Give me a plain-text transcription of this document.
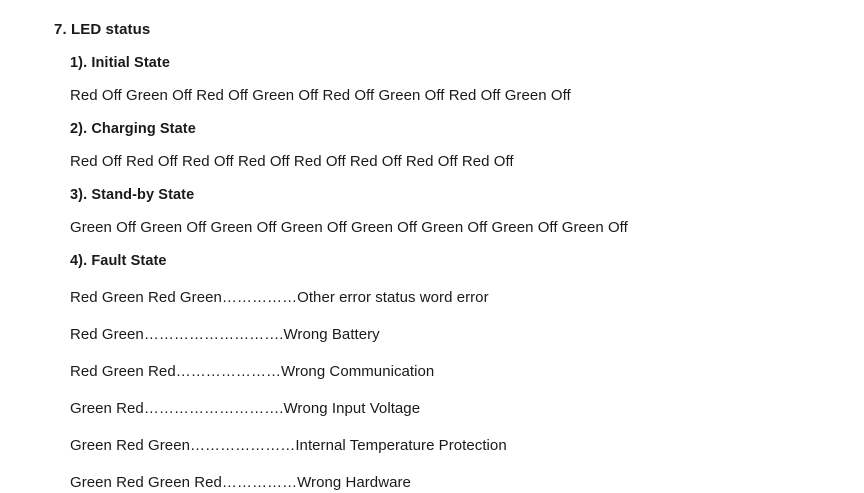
7. LED status
1). Initial State
Red Off Green Off Red Off Green Off Red Off Green Off Red Off Green Off
2). Charging State
Red Off Red Off Red Off Red Off Red Off Red Off Red Off Red Off
3). Stand-by State
Green Off Green Off Green Off Green Off Green Off Green Off Green Off Green Off
4). Fault State
Red Green Red Green……………Other error status word error
Red Green……………………….Wrong Battery
Red Green Red…………………Wrong Communication
Green Red……………………….Wrong Input Voltage
Green Red Green…………………Internal Temperature Protection
Green Red Green Red……………Wrong Hardware
